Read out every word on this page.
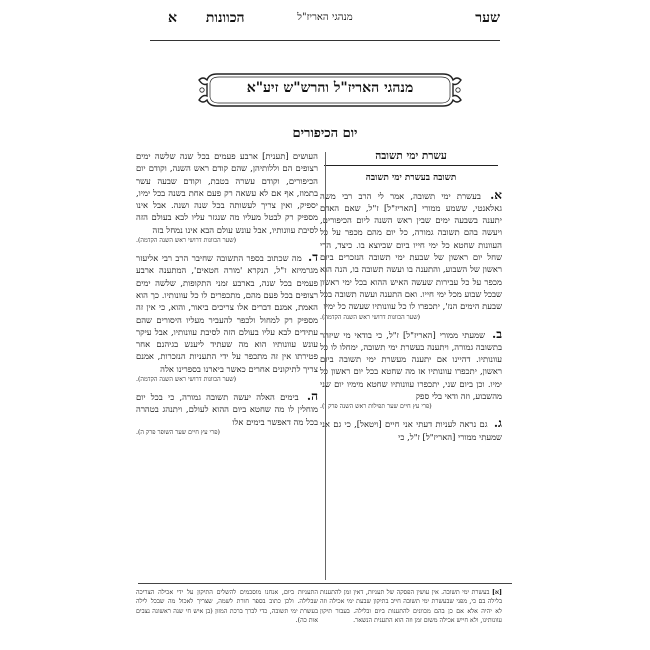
שער
מנהגי האריז"ל
הכוונות א
מנהגי האריז"ל והרש"ש זיע"א
יום הכיפורים
עשרת ימי תשובה
תשובה בעשרת ימי תשובה

א. בעשרת ימי תשובה, אמר לי הרב רבי משה גאלאנטי, ששמע ממורי [האריז"ל] ז"ל, שאם האדם יתענה בשבעה ימים שבין ראש השנה ליום הכיפורים, ויעשה בהם תשובה גמורה, כל יום מהם מכפר על כל העוונות שחטא כל ימי חייו ביום שכיוצא בו. כיצד, הרי שחל יום ראשון של שבעת ימי תשובה הנזכרים ביום ראשון של השבוע, והתענה בו ועשה תשובה בו, הנה הוא מכפר על כל עבירות שעשה האיש ההוא בכל ימי ראשון שבכל שבוע מכל ימי חייו. ואם התענה ועשה תשובה בכל שבעת הימים הנז', יתכפרו לו כל עוונותיו שעשה כל ימיו
(שער הכוונות דרושי ראש השנה הקדמה).

ב. שמעתי ממורי [האריז"ל] ז"ל, כי בודאי מי שיזהר בתשובה גמורה, ויתענה בעשרת ימי תשובה, ימחלו לו כל עוונותיו. דהיינו אם יתענה מעשרת ימי תשובה ביום ראשון, יתכפרו עוונותיו אז מה שחטא בכל יום ראשון כל ימיו. וכן ביום שני, יתכפרו עוונותיו שחטא מימיו יום שני מהשבוע, וזה ודאי בלי ספק
(פרי עץ חיים שער תפילות ראש השנה פרק ז).

ג. גם נראה לעניות דעתי אני חיים [ויטאל], כי גם אני שמעתי ממורי [האריז"ל] ז"ל, כי

העושים [תענית] ארבע פעמים בכל שנה שלשה ימים רצופים הם וללותיהן, שהם קודם ראש השנה, וקודם יום הכיפורים, וקודם עשרה בטבת, וקודם שבעה עשר בתמוז, אף אם לא עשאה רק פעם אחת בשנה בכל ימיו, יספיק, ואין צריך לעשותה בכל שנה ושנה. אבל אינו מספיק רק לבטל מעליו מה שנגזר עליו לבא בעולם הזה לסיבת עוונותיו, אבל עונש עולם הבא אינו נמחל בזה
(שער הכוונות דרושי ראש השנה הקדמה).

ד. מה שכתוב בספר התשובה שחיבר הרב רבי אליעזר מגרמיזא ז"ל, הנקרא 'מורה חטאים', המתענה ארבע פעמים בכל שנה, בארבע זמני התקופות, שלשה ימים רצופים בכל פעם מהם, מתכפרים לו כל עוונותיו. כך הוא האמת, אמנם דברים אלו צריכים ביאור, והוא, כי אין זה מספיק רק למחול ולכפר להעביר מעליו היסורים שהם עתידים לבא עליו בעולם הזה לסיבת עוונותיו, אבל עיקר עונש עוונותיו הוא מה שעתיד ליענש בגיהנם אחר פטירתו אין זה מתכפר על ידי התעניות הנזכרות, אמנם צריך לתיקונים אחרים כאשר ביארנו בספרינו אלה
(שער הכוונות דרושי ראש השנה הקדמה).

ה. בימים האלה יעשה תשובה גמורה, כי בכל יום מוחלין לו מה שחטא ביום ההוא לעולם, ויתנהג בטהרה בכל מה דאפשר בימים אלו
(פרי עץ חיים שער השופר פרק ה).

[א] בעשרת ימי תשובה. אין עושין הפסקה של תעניות, דאין זמן להתענות בלילה בם כי, מפני שבעשרת ימי תשובה חייב בתיקון שבעת ימי אכילה וזה לא יהיה אלא אם כן בהם מכוונים להתענות ביום ובלילה. בעבור תיקון עוונותינו, ולא חייש אכילה משום זמן וזה הוא התענית הנשאר.
התעניות ביום, אנחנו מוסכמים להשלים התיקון על ידי אכילה הצריכה שבלילה. ולכן כתוב בספר חורת לשמה, שצריך לאכול מה שבכל לילה בעשרת ימי תשובה, כדי לברך ברכת המזון (בן איש חי שנה ראשונה נצבים אות כה).
